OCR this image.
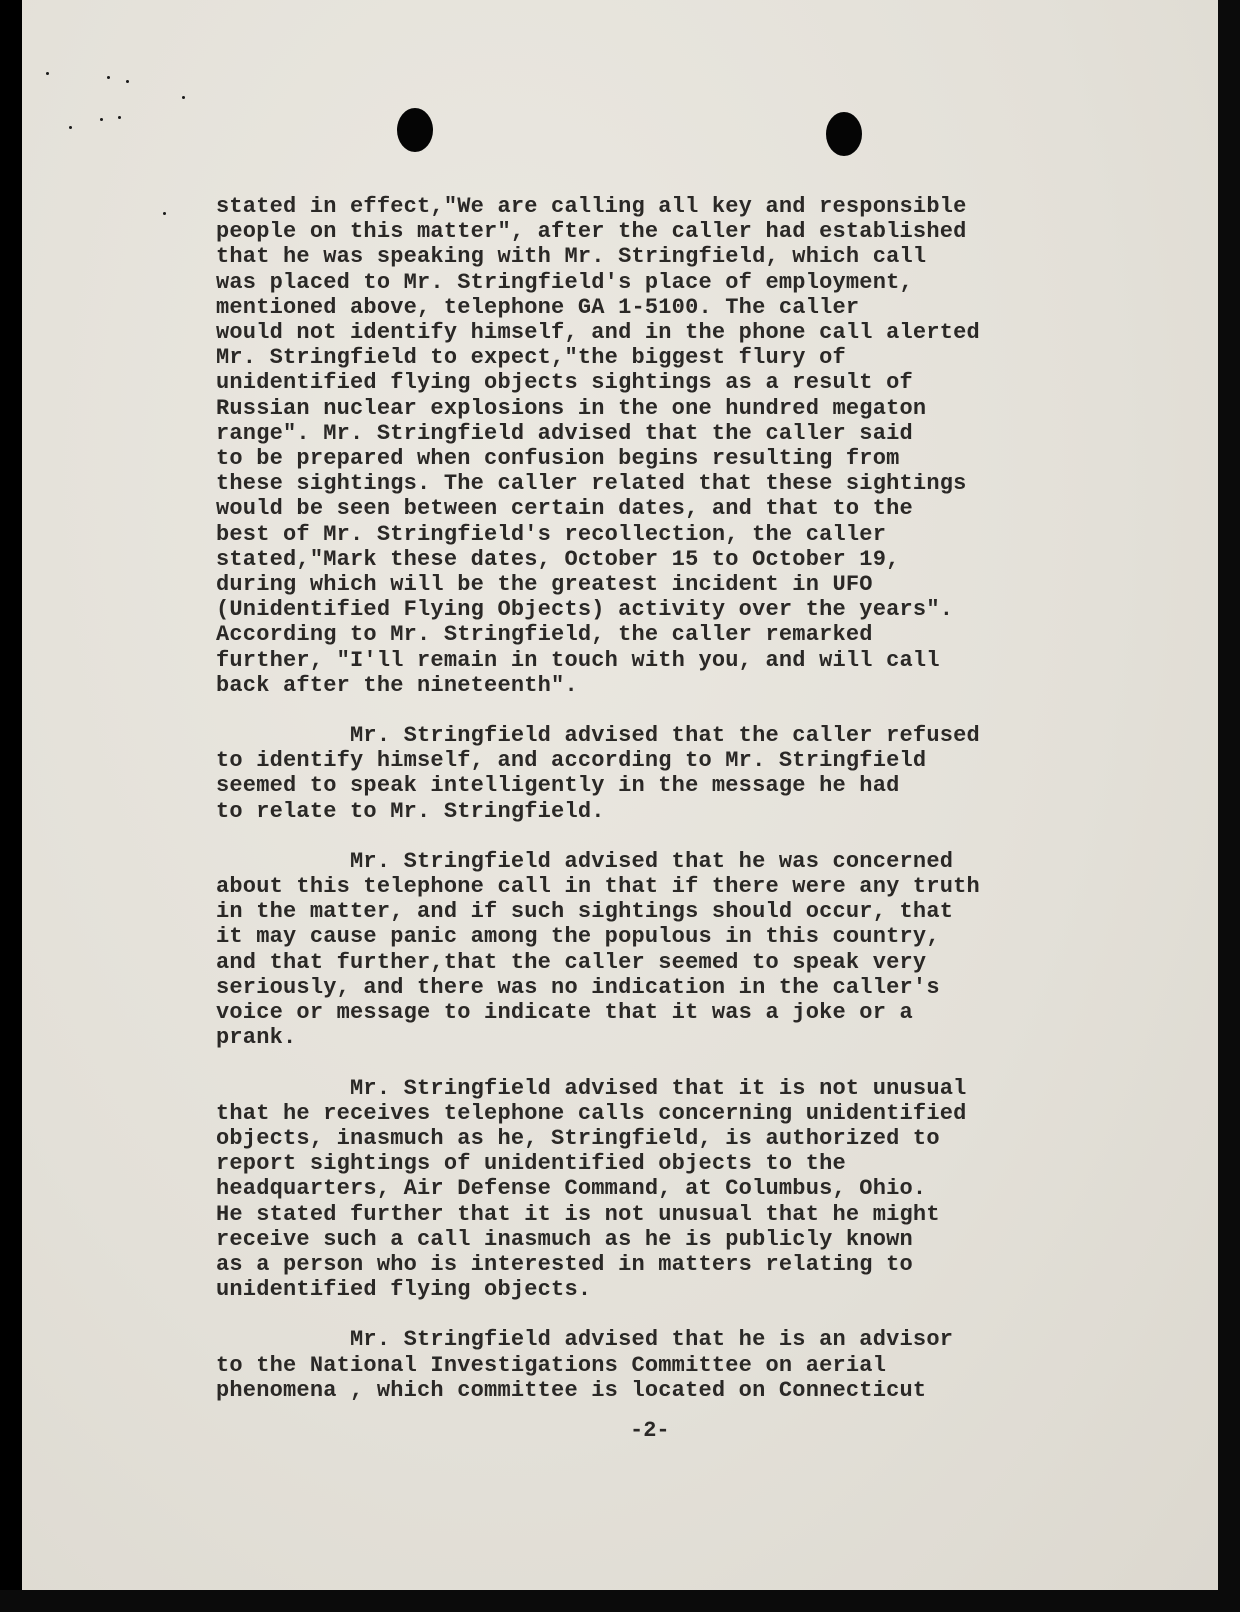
stated in effect,"We are calling all key and responsible
people on this matter", after the caller had established
that he was speaking with Mr. Stringfield, which call
was placed to Mr. Stringfield's place of employment,
mentioned above, telephone GA 1-5100. The caller
would not identify himself, and in the phone call alerted
Mr. Stringfield to expect,"the biggest flury of
unidentified flying objects sightings as a result of
Russian nuclear explosions in the one hundred megaton
range". Mr. Stringfield advised that the caller said
to be prepared when confusion begins resulting from
these sightings. The caller related that these sightings
would be seen between certain dates, and that to the
best of Mr. Stringfield's recollection, the caller
stated,"Mark these dates, October 15 to October 19,
during which will be the greatest incident in UFO
(Unidentified Flying Objects) activity over the years".
According to Mr. Stringfield, the caller remarked
further, "I'll remain in touch with you, and will call
back after the nineteenth".
Mr. Stringfield advised that the caller refused
to identify himself, and according to Mr. Stringfield
seemed to speak intelligently in the message he had
to relate to Mr. Stringfield.
Mr. Stringfield advised that he was concerned
about this telephone call in that if there were any truth
in the matter, and if such sightings should occur, that
it may cause panic among the populous in this country,
and that further,that the caller seemed to speak very
seriously, and there was no indication in the caller's
voice or message to indicate that it was a joke or a
prank.
Mr. Stringfield advised that it is not unusual
that he receives telephone calls concerning unidentified
objects, inasmuch as he, Stringfield, is authorized to
report sightings of unidentified objects to the
headquarters, Air Defense Command, at Columbus, Ohio.
He stated further that it is not unusual that he might
receive such a call inasmuch as he is publicly known
as a person who is interested in matters relating to
unidentified flying objects.
Mr. Stringfield advised that he is an advisor
to the National Investigations Committee on aerial
phenomena , which committee is located on Connecticut
-2-
